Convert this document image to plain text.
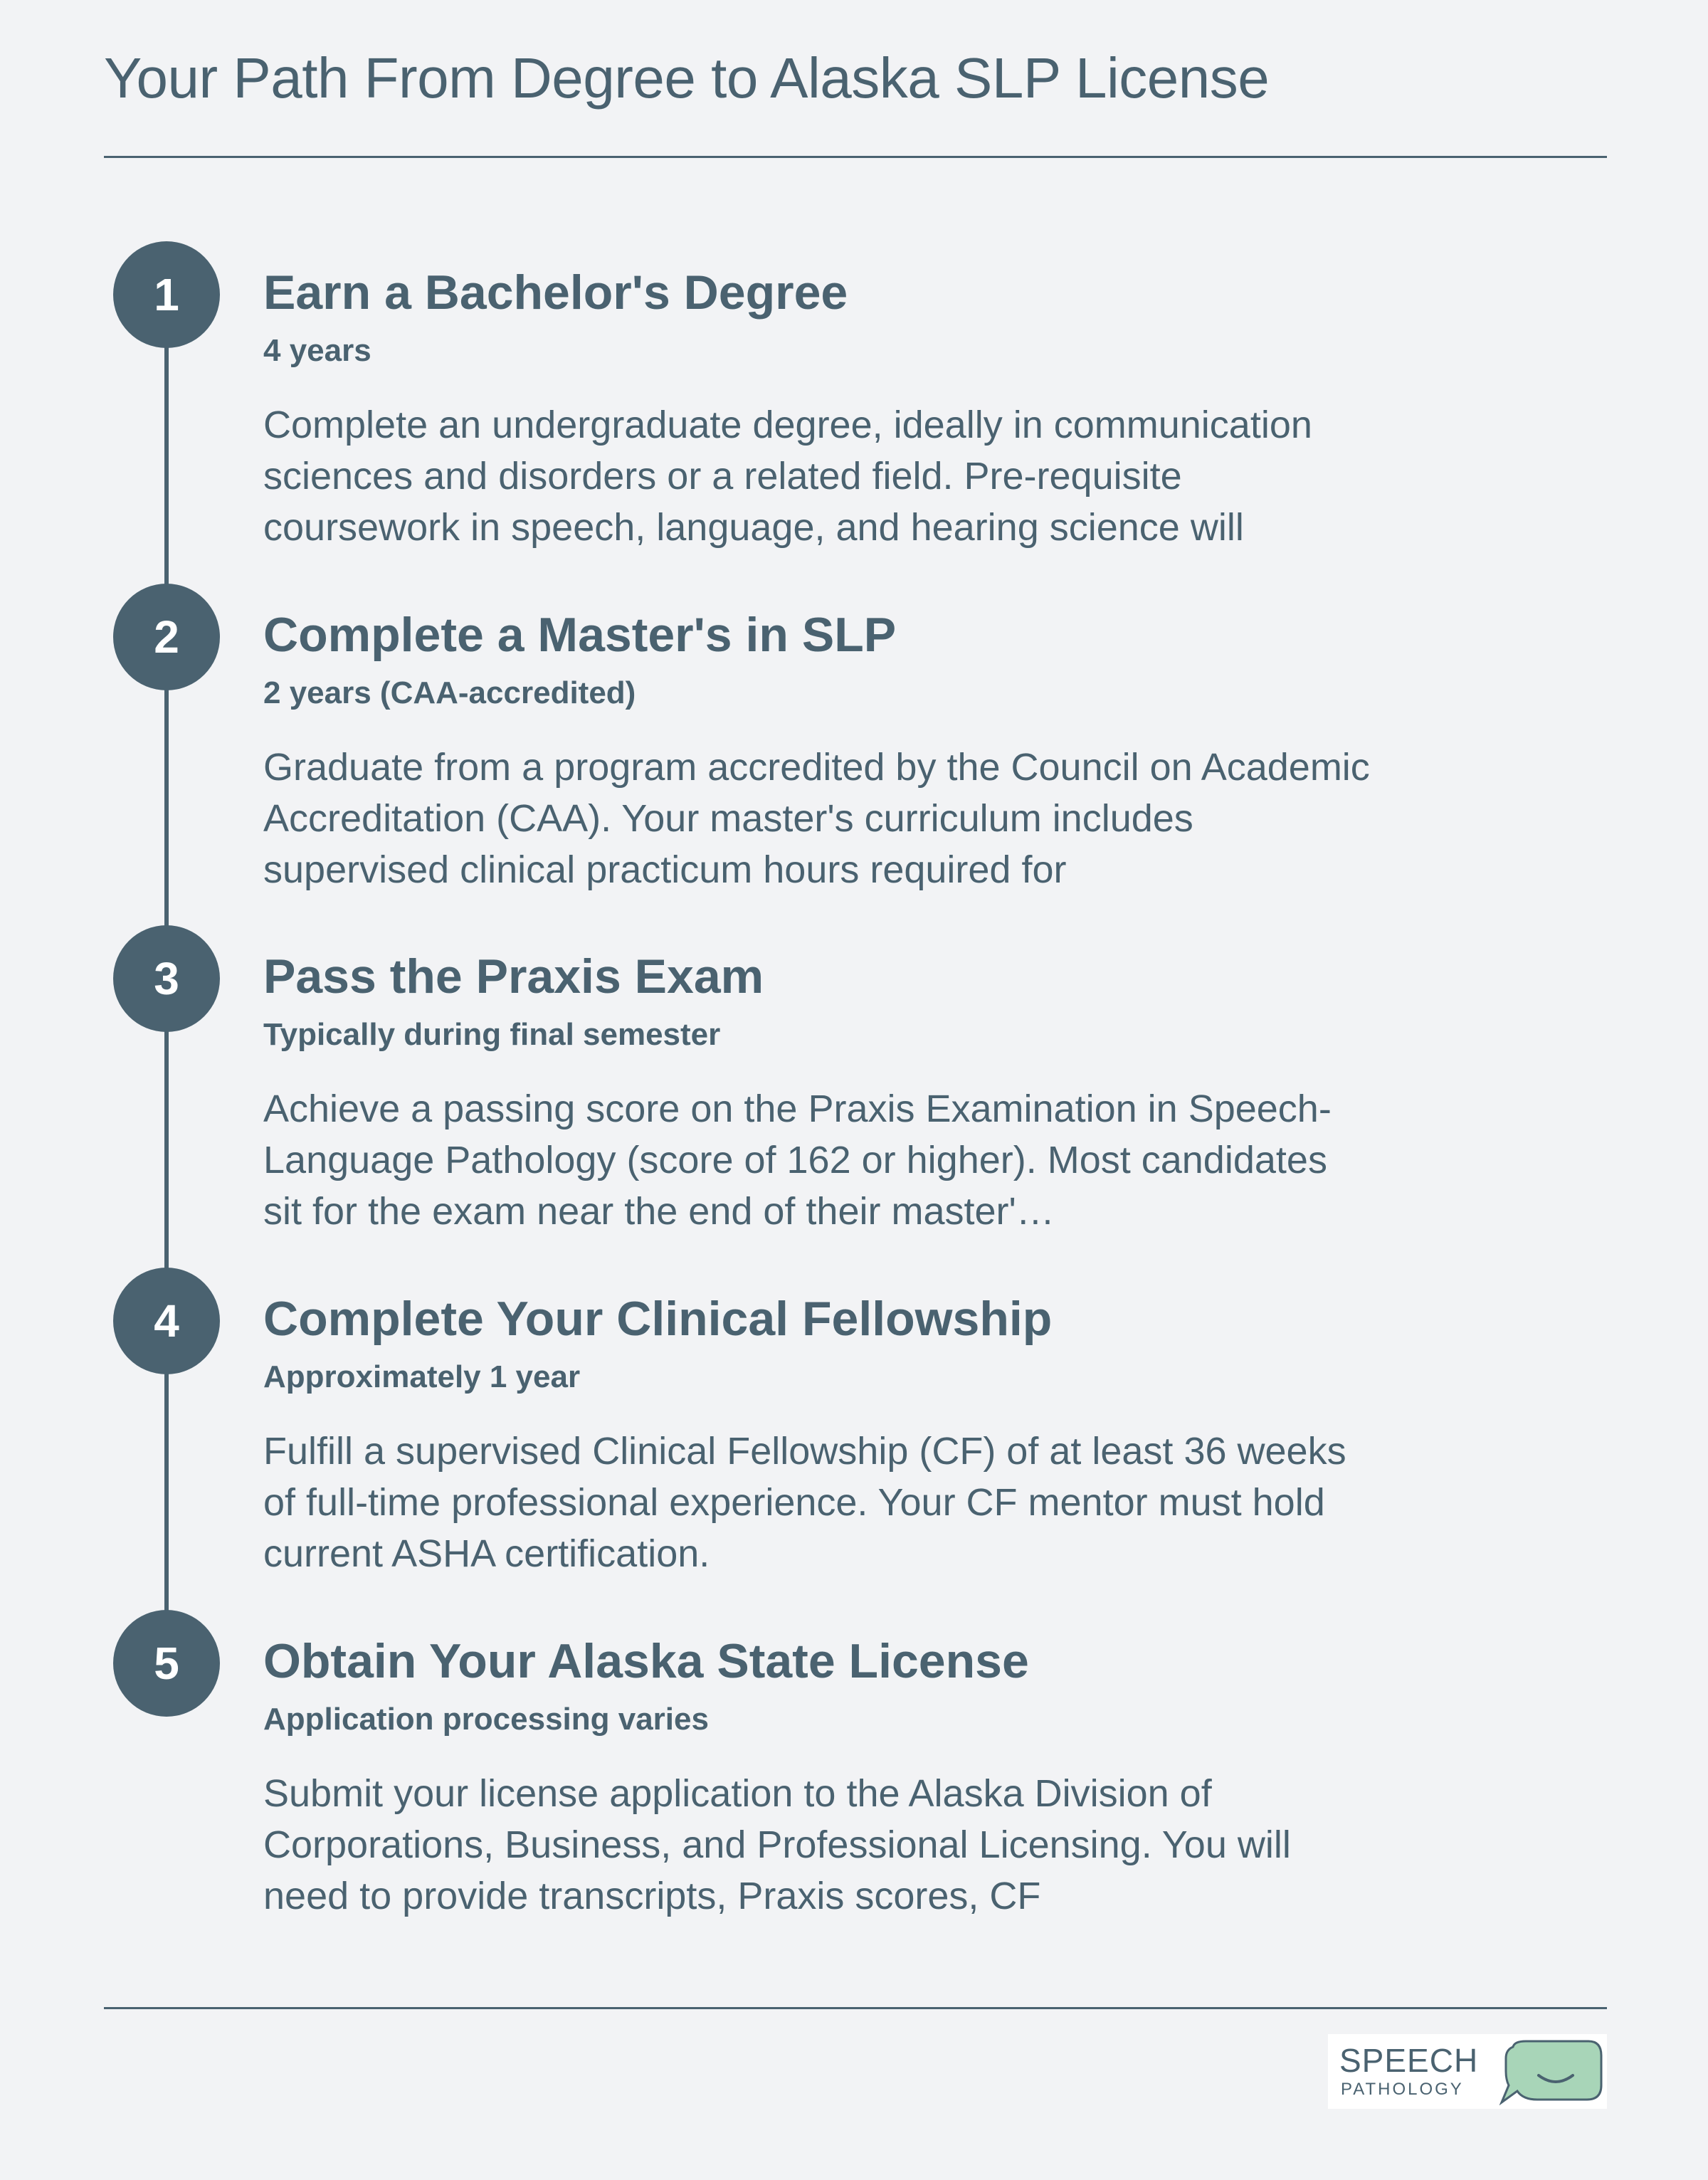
Your Path From Degree to Alaska SLP License
1	Earn a Bachelor's Degree
4 years

Complete an undergraduate degree, ideally in communication sciences and disorders or a related field. Pre-requisite coursework in speech, language, and hearing science will

2	Complete a Master's in SLP
2 years (CAA-accredited)

Graduate from a program accredited by the Council on Academic Accreditation (CAA). Your master's curriculum includes supervised clinical practicum hours required for

3	Pass the Praxis Exam
Typically during final semester

Achieve a passing score on the Praxis Examination in Speech-Language Pathology (score of 162 or higher). Most candidates sit for the exam near the end of their master'…

4	Complete Your Clinical Fellowship
Approximately 1 year

Fulfill a supervised Clinical Fellowship (CF) of at least 36 weeks of full-time professional experience. Your CF mentor must hold current ASHA certification.

5	Obtain Your Alaska State License
Application processing varies

Submit your license application to the Alaska Division of Corporations, Business, and Professional Licensing. You will need to provide transcripts, Praxis scores, CF

SPEECH
PATHOLOGY
